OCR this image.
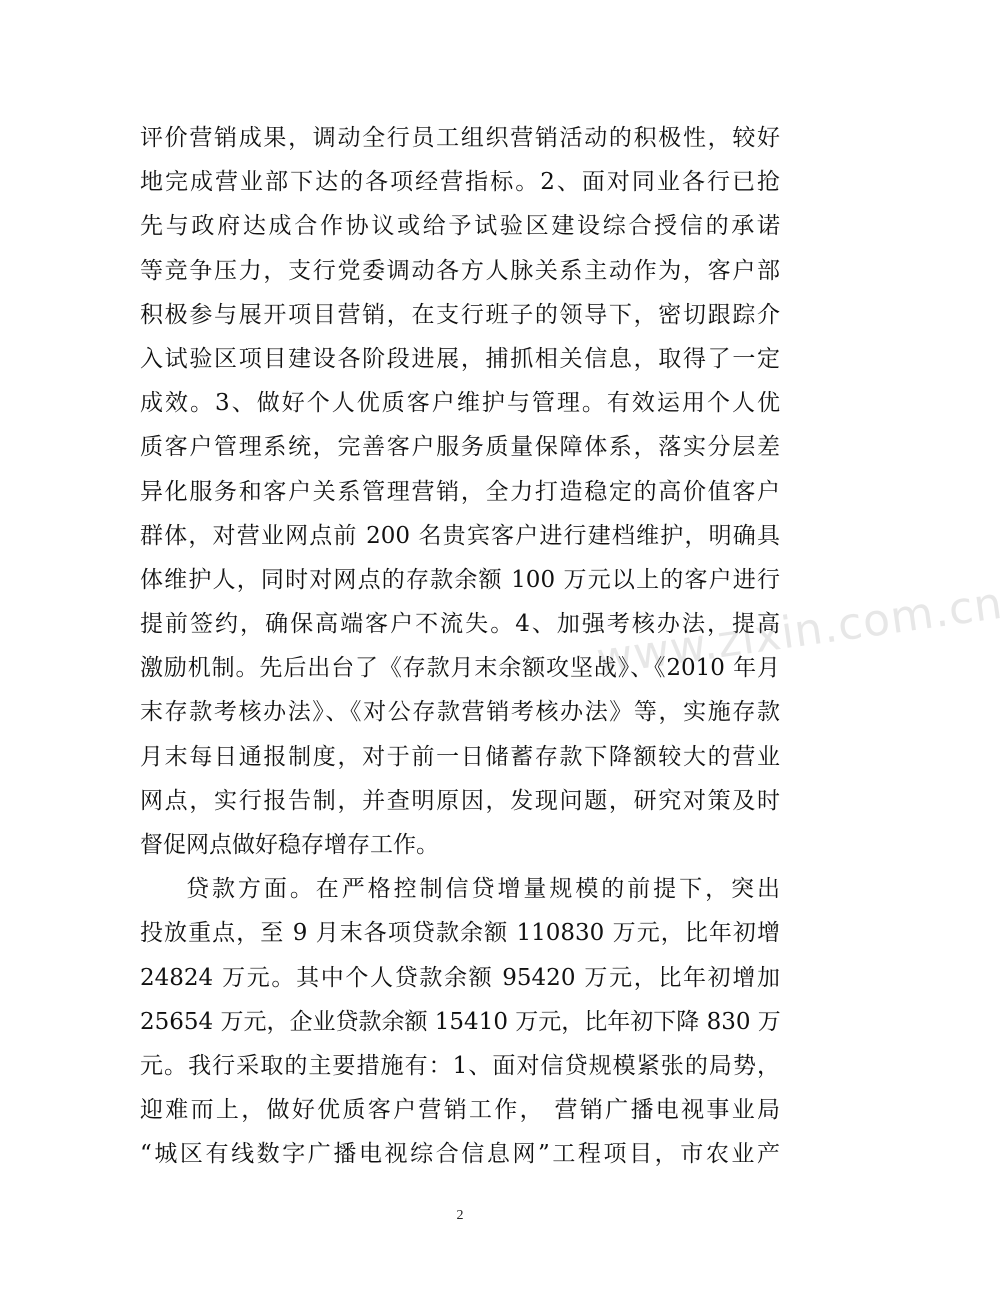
评价营销成果，调动全行员工组织营销活动的积极性，较好
地完成营业部下达的各项经营指标。2、面对同业各行已抢
先与政府达成合作协议或给予试验区建设综合授信的承诺
等竞争压力，支行党委调动各方人脉关系主动作为，客户部
积极参与展开项目营销，在支行班子的领导下，密切跟踪介
入试验区项目建设各阶段进展，捕抓相关信息，取得了一定
成效。3、做好个人优质客户维护与管理。有效运用个人优
质客户管理系统，完善客户服务质量保障体系，落实分层差
异化服务和客户关系管理营销，全力打造稳定的高价值客户
群体，对营业网点前 200 名贵宾客户进行建档维护，明确具
体维护人，同时对网点的存款余额 100 万元以上的客户进行
提前签约，确保高端客户不流失。4、加强考核办法，提高
激励机制。先后出台了《存款月末余额攻坚战》、《2010 年月
末存款考核办法》、《对公存款营销考核办法》等，实施存款
月末每日通报制度，对于前一日储蓄存款下降额较大的营业
网点，实行报告制，并查明原因，发现问题，研究对策及时
督促网点做好稳存增存工作。
贷款方面。在严格控制信贷增量规模的前提下，突出
投放重点，至 9 月末各项贷款余额 110830 万元，比年初增
24824 万元。其中个人贷款余额 95420 万元，比年初增加
25654 万元，企业贷款余额 15410 万元，比年初下降 830 万
元。我行采取的主要措施有：1、面对信贷规模紧张的局势，
迎难而上，做好优质客户营销工作， 营销广播电视事业局
“城区有线数字广播电视综合信息网”工程项目，市农业产
www.zixin.com.cn
2
